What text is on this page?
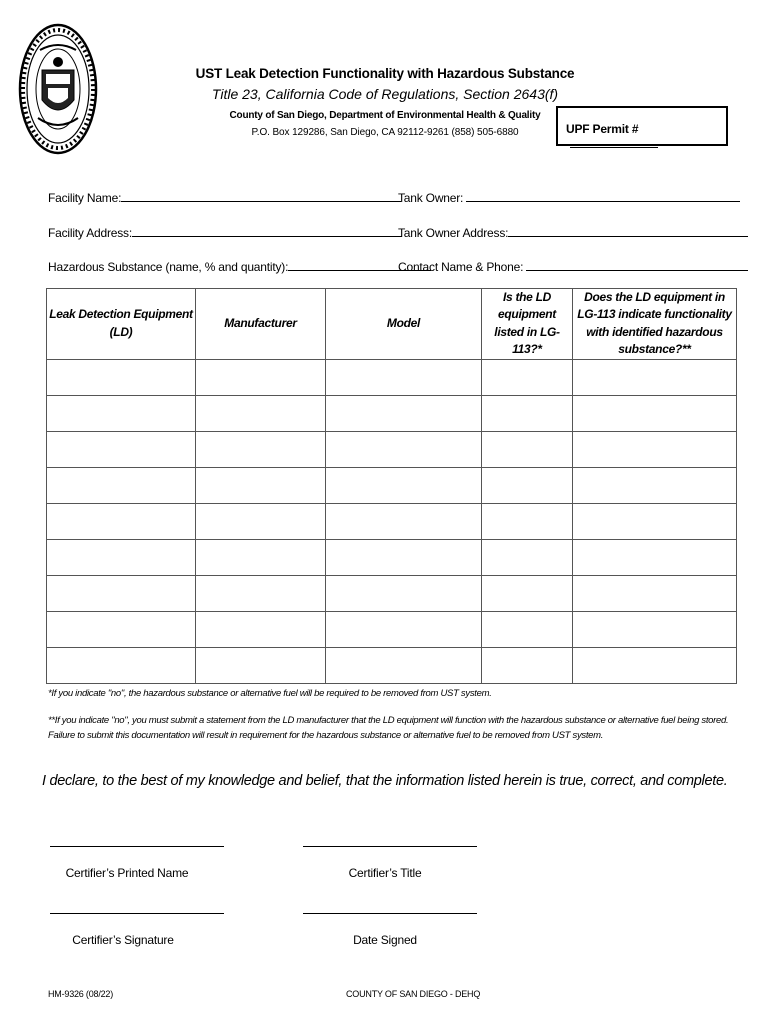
UST Leak Detection Functionality with Hazardous Substance
Title 23, California Code of Regulations, Section 2643(f)
County of San Diego, Department of Environmental Health & Quality
P.O. Box 129286, San Diego, CA 92112-9261 (858) 505-6880	UPF Permit #
Facility Name:	Tank Owner:
Facility Address:	Tank Owner Address:
Hazardous Substance (name, % and quantity):	Contact Name & Phone:
Leak Detection Equipment (LD)	Manufacturer	Model	Is the LD equipment listed in LG-113?*	Does the LD equipment in LG-113 indicate functionality with identified hazardous substance?**

*If you indicate "no", the hazardous substance or alternative fuel will be required to be removed from UST system.
**If you indicate "no", you must submit a statement from the LD manufacturer that the LD equipment will function with the hazardous substance or alternative fuel being stored. Failure to submit this documentation will result in requirement for the hazardous substance or alternative fuel to be removed from UST system.
I declare, to the best of my knowledge and belief, that the information listed herein is true, correct, and complete.
Certifier’s Printed Name	Certifier’s Title
Certifier’s Signature	Date Signed
HM-9326 (08/22)	COUNTY OF SAN DIEGO - DEHQ
